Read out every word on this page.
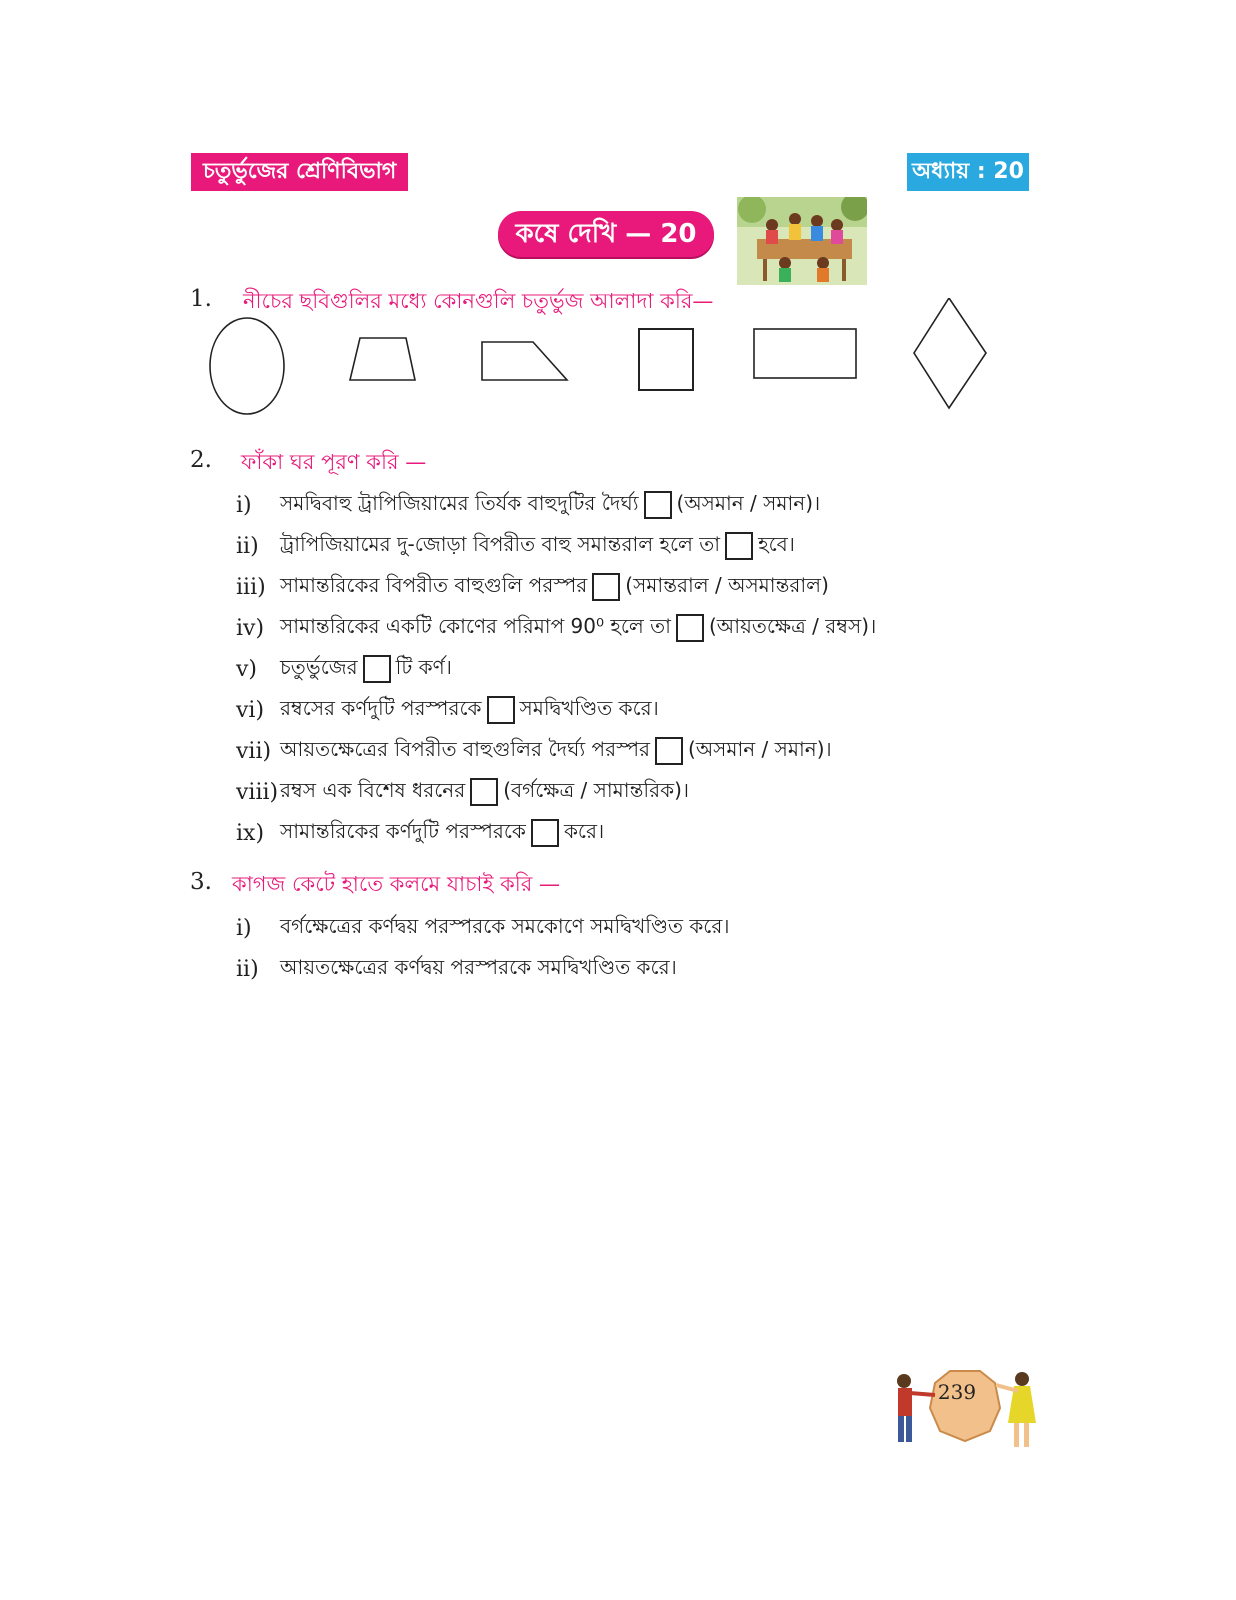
চতুর্ভুজের শ্রেণিবিভাগ	অধ্যায় : 20
কষে দেখি — 20
1. নীচের ছবিগুলির মধ্যে কোনগুলি চতুর্ভুজ আলাদা করি—
2. ফাঁকা ঘর পূরণ করি —
i)	সমদ্বিবাহু ট্রাপিজিয়ামের তির্যক বাহুদুটির দৈর্ঘ্য (অসমান / সমান)।
ii)	ট্রাপিজিয়ামের দু-জোড়া বিপরীত বাহু সমান্তরাল হলে তা হবে।
iii) সামান্তরিকের বিপরীত বাহুগুলি পরস্পর (সমান্তরাল / অসমান্তরাল)
iv) সামান্তরিকের একটি কোণের পরিমাপ 90⁰ হলে তা (আয়তক্ষেত্র / রম্বস)।
v)	চতুর্ভুজের টি কর্ণ।
vi) রম্বসের কর্ণদুটি পরস্পরকে সমদ্বিখণ্ডিত করে।
vii) আয়তক্ষেত্রের বিপরীত বাহুগুলির দৈর্ঘ্য পরস্পর (অসমান / সমান)।
viii) রম্বস এক বিশেষ ধরনের (বর্গক্ষেত্র / সামান্তরিক)।
ix) সামান্তরিকের কর্ণদুটি পরস্পরকে করে।
3. কাগজ কেটে হাতে কলমে যাচাই করি —
i)	বর্গক্ষেত্রের কর্ণদ্বয় পরস্পরকে সমকোণে সমদ্বিখণ্ডিত করে।
ii)	আয়তক্ষেত্রের কর্ণদ্বয় পরস্পরকে সমদ্বিখণ্ডিত করে।
239
